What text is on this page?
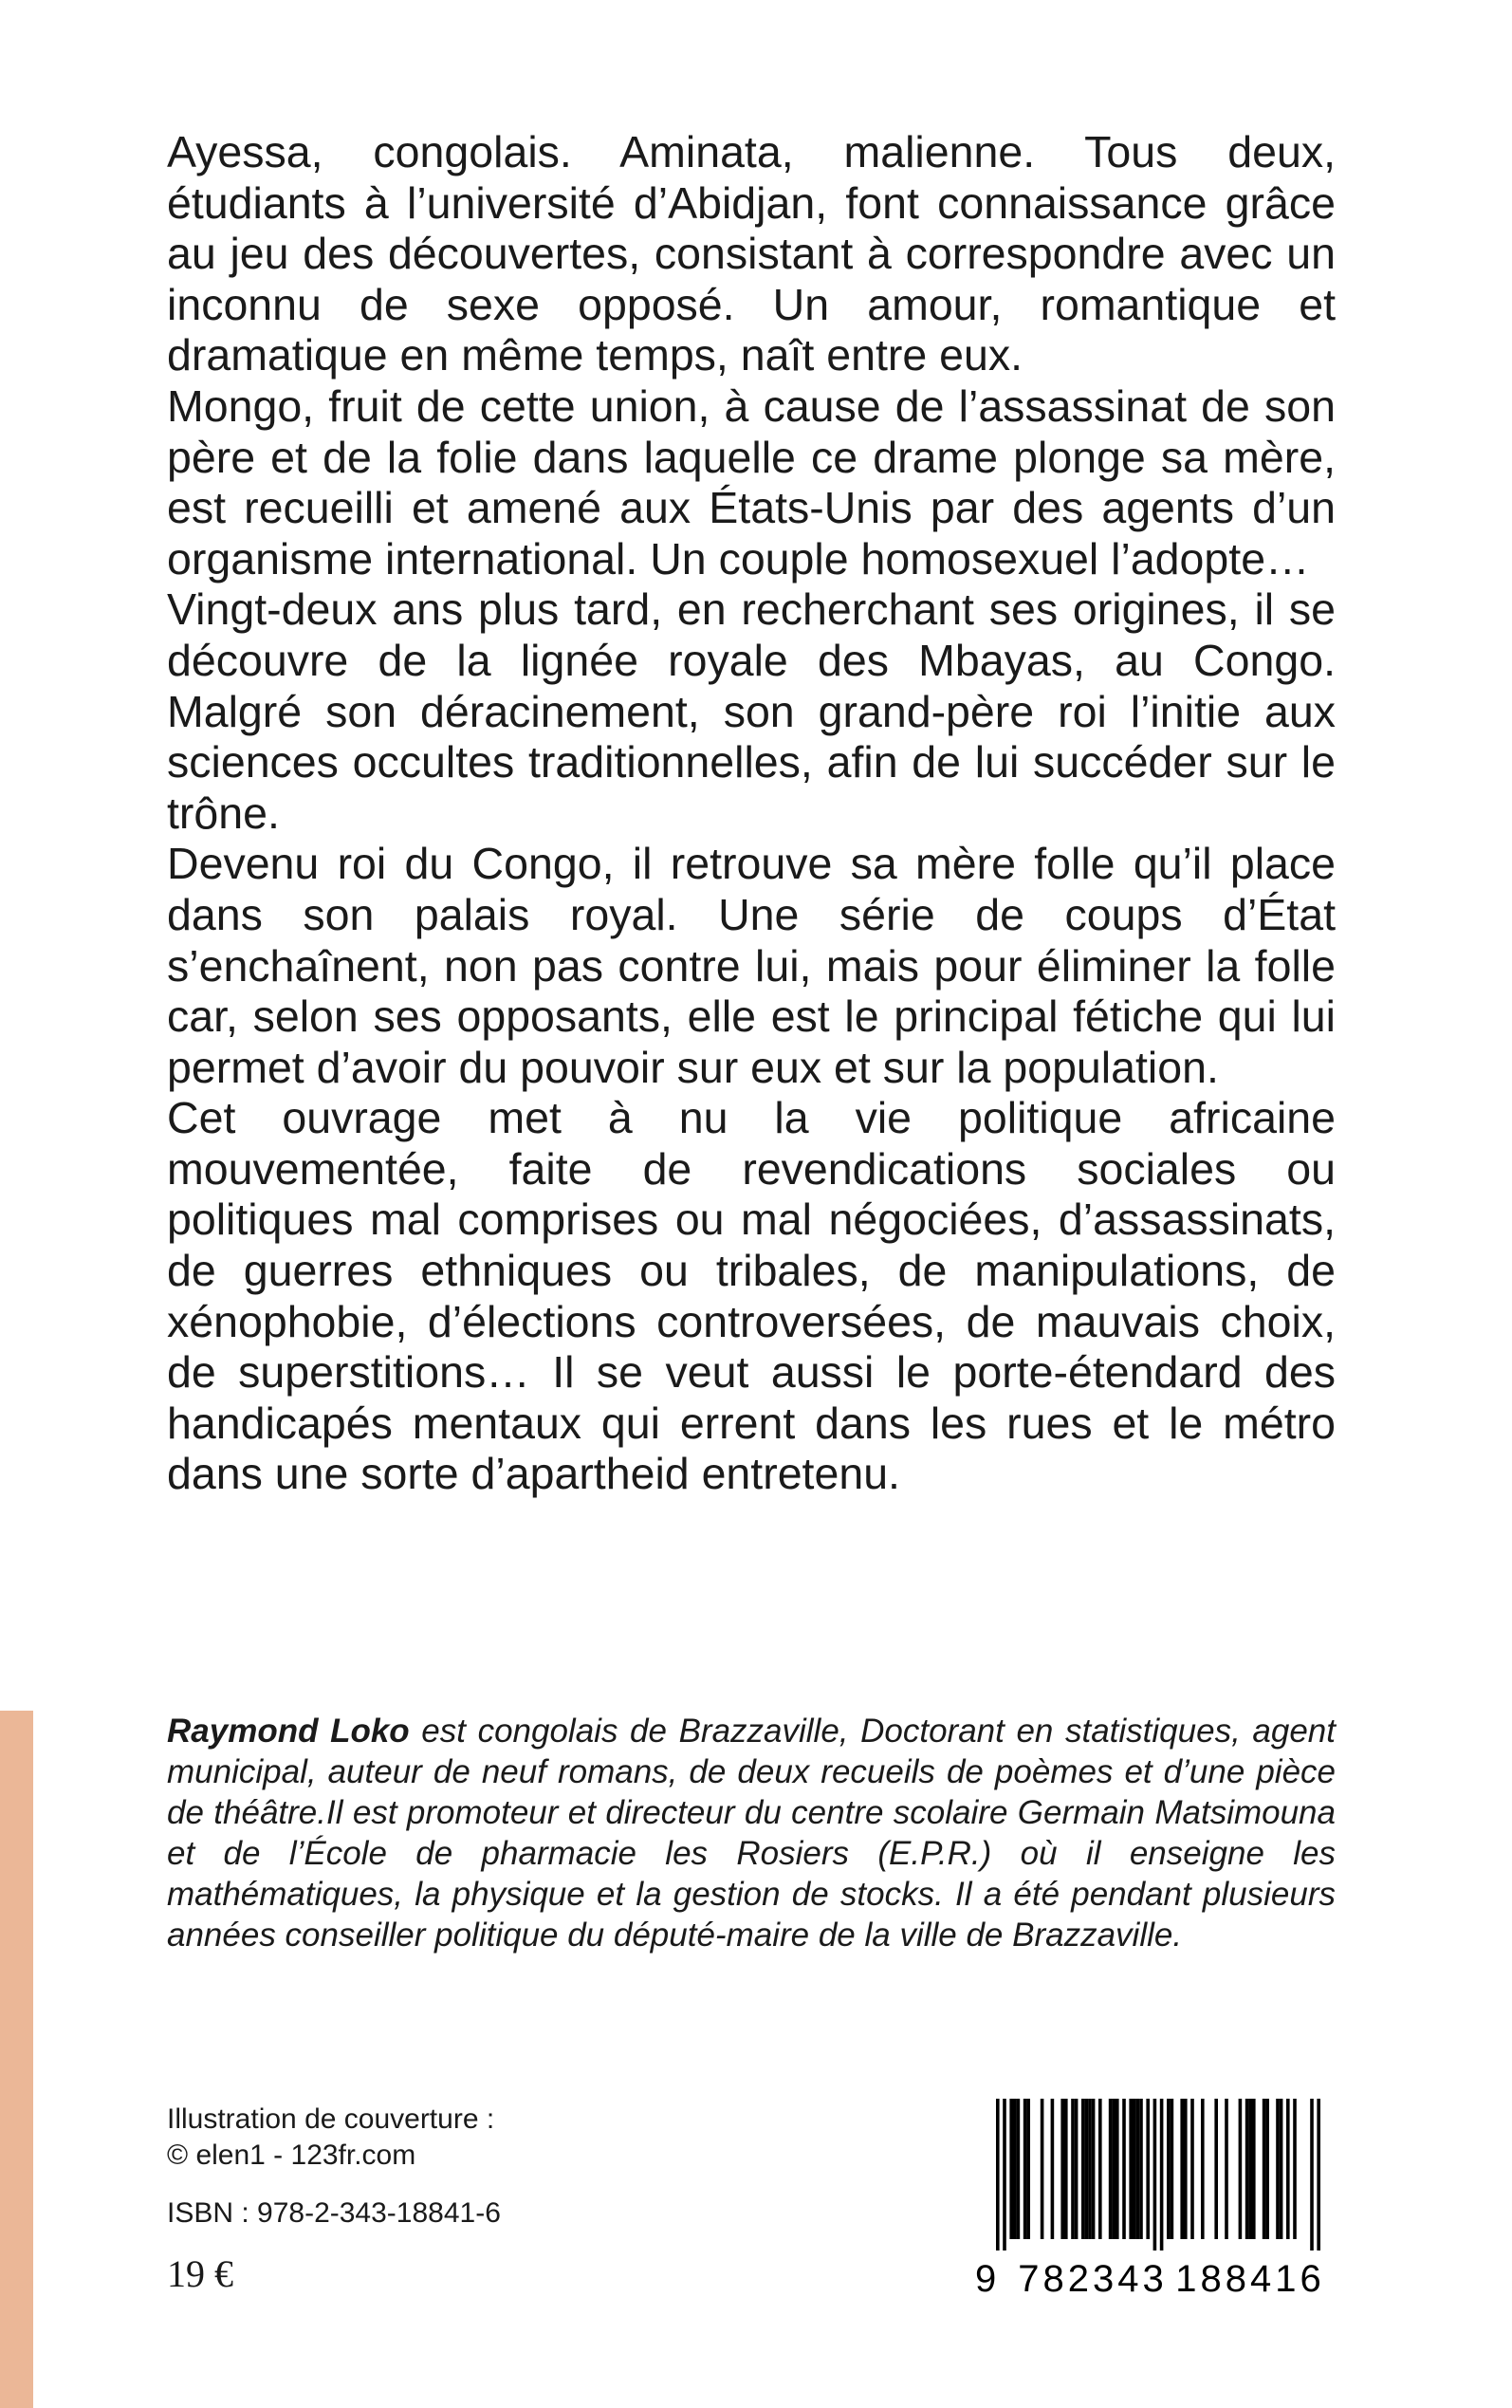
Ayessa, congolais. Aminata, malienne. Tous deux, étudiants à l’université d’Abidjan, font connaissance grâce au jeu des découvertes, consistant à correspondre avec un inconnu de sexe opposé. Un amour, romantique et dramatique en même temps, naît entre eux.

Mongo, fruit de cette union, à cause de l’assassinat de son père et de la folie dans laquelle ce drame plonge sa mère, est recueilli et amené aux États-Unis par des agents d’un organisme international. Un couple homosexuel l’adopte…

Vingt-deux ans plus tard, en recherchant ses origines, il se découvre de la lignée royale des Mbayas, au Congo. Malgré son déracinement, son grand-père roi l’initie aux sciences occultes traditionnelles, afin de lui succéder sur le trône.

Devenu roi du Congo, il retrouve sa mère folle qu’il place dans son palais royal. Une série de coups d’État s’enchaînent, non pas contre lui, mais pour éliminer la folle car, selon ses opposants, elle est le principal fétiche qui lui permet d’avoir du pouvoir sur eux et sur la population.

Cet ouvrage met à nu la vie politique africaine mouvementée, faite de revendications sociales ou politiques mal comprises ou mal négociées, d’assassinats, de guerres ethniques ou tribales, de manipulations, de xénophobie, d’élections controversées, de mauvais choix, de superstitions… Il se veut aussi le porte-étendard des handicapés mentaux qui errent dans les rues et le métro dans une sorte d’apartheid entretenu.

Raymond Loko est congolais de Brazzaville, Doctorant en statistiques, agent municipal, auteur de neuf romans, de deux recueils de poèmes et d’une pièce de théâtre.Il est promoteur et directeur du centre scolaire Germain Matsimouna et de l’École de pharmacie les Rosiers (E.P.R.) où il enseigne les mathématiques, la physique et la gestion de stocks. Il a été pendant plusieurs années conseiller politique du député-maire de la ville de Brazzaville.

Illustration de couverture :
© elen1 - 123fr.com
ISBN : 978-2-343-18841-6
19 €	9 782343 188416
